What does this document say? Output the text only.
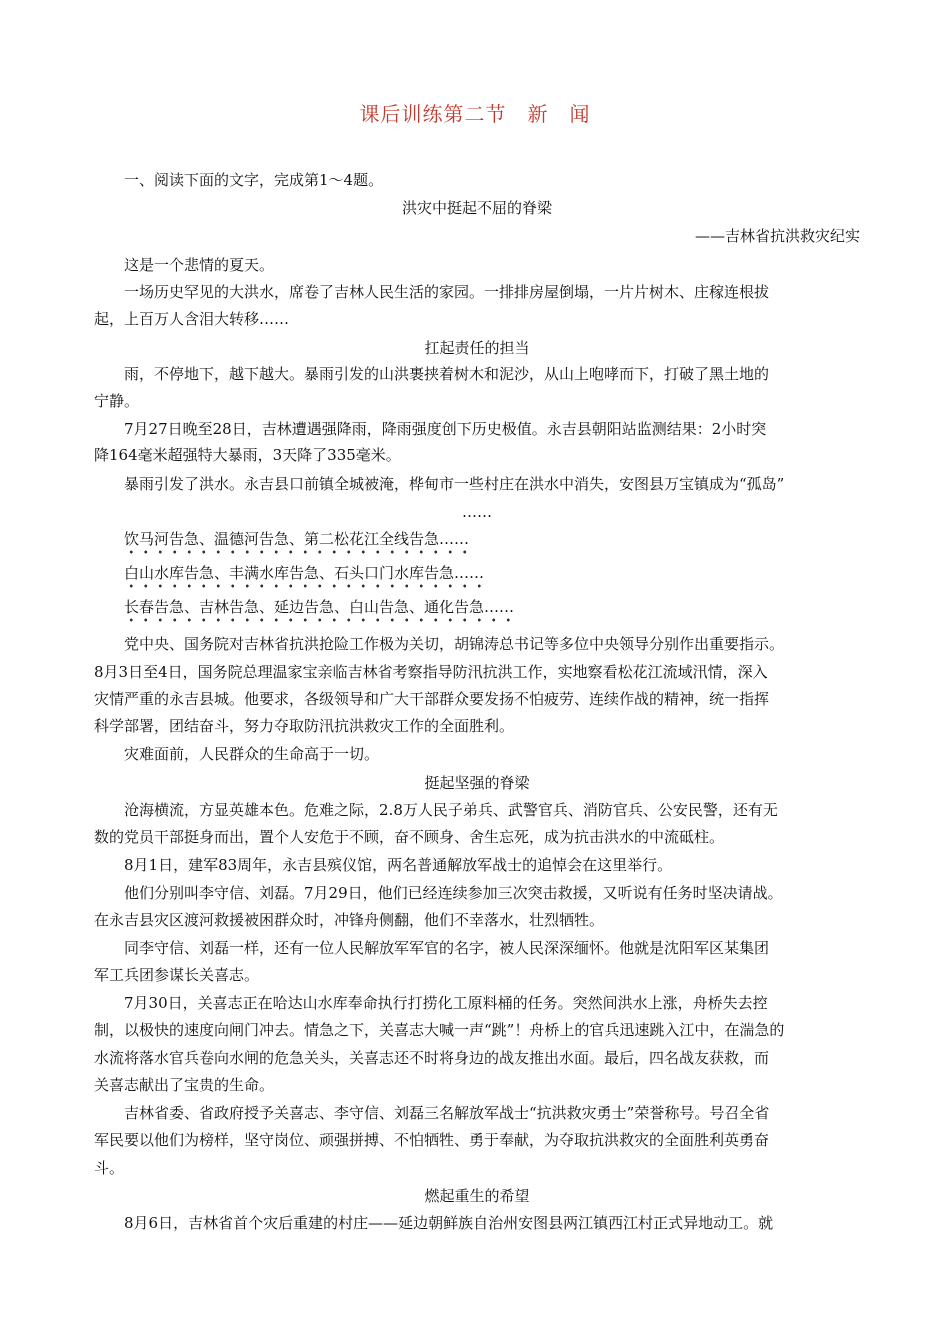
课后训练第二节　新　闻
一、阅读下面的文字，完成第1～4题。
洪灾中挺起不屈的脊梁
——吉林省抗洪救灾纪实
这是一个悲情的夏天。
一场历史罕见的大洪水，席卷了吉林人民生活的家园。一排排房屋倒塌，一片片树木、庄稼连根拔
起，上百万人含泪大转移……
扛起责任的担当
雨，不停地下，越下越大。暴雨引发的山洪裹挟着树木和泥沙，从山上咆哮而下，打破了黑土地的
宁静。
7月27日晚至28日，吉林遭遇强降雨，降雨强度创下历史极值。永吉县朝阳站监测结果：2小时突
降164毫米超强特大暴雨，3天降了335毫米。
暴雨引发了洪水。永吉县口前镇全城被淹，桦甸市一些村庄在洪水中消失，安图县万宝镇成为“孤岛”
……
饮马河告急、温德河告急、第二松花江全线告急……
白山水库告急、丰满水库告急、石头口门水库告急……
长春告急、吉林告急、延边告急、白山告急、通化告急……
党中央、国务院对吉林省抗洪抢险工作极为关切，胡锦涛总书记等多位中央领导分别作出重要指示。
8月3日至4日，国务院总理温家宝亲临吉林省考察指导防汛抗洪工作，实地察看松花江流域汛情，深入
灾情严重的永吉县城。他要求，各级领导和广大干部群众要发扬不怕疲劳、连续作战的精神，统一指挥
科学部署，团结奋斗，努力夺取防汛抗洪救灾工作的全面胜利。
灾难面前，人民群众的生命高于一切。
挺起坚强的脊梁
沧海横流，方显英雄本色。危难之际，2.8万人民子弟兵、武警官兵、消防官兵、公安民警，还有无
数的党员干部挺身而出，置个人安危于不顾，奋不顾身、舍生忘死，成为抗击洪水的中流砥柱。
8月1日，建军83周年，永吉县殡仪馆，两名普通解放军战士的追悼会在这里举行。
他们分别叫李守信、刘磊。7月29日，他们已经连续参加三次突击救援，又听说有任务时坚决请战。
在永吉县灾区渡河救援被困群众时，冲锋舟侧翻，他们不幸落水，壮烈牺牲。
同李守信、刘磊一样，还有一位人民解放军军官的名字，被人民深深缅怀。他就是沈阳军区某集团
军工兵团参谋长关喜志。
7月30日，关喜志正在哈达山水库奉命执行打捞化工原料桶的任务。突然间洪水上涨，舟桥失去控
制，以极快的速度向闸门冲去。情急之下，关喜志大喊一声“跳”！舟桥上的官兵迅速跳入江中，在湍急的
水流将落水官兵卷向水闸的危急关头，关喜志还不时将身边的战友推出水面。最后，四名战友获救，而
关喜志献出了宝贵的生命。
吉林省委、省政府授予关喜志、李守信、刘磊三名解放军战士“抗洪救灾勇士”荣誉称号。号召全省
军民要以他们为榜样，坚守岗位、顽强拼搏、不怕牺牲、勇于奉献，为夺取抗洪救灾的全面胜利英勇奋
斗。
燃起重生的希望
8月6日，吉林省首个灾后重建的村庄——延边朝鲜族自治州安图县两江镇西江村正式异地动工。就
